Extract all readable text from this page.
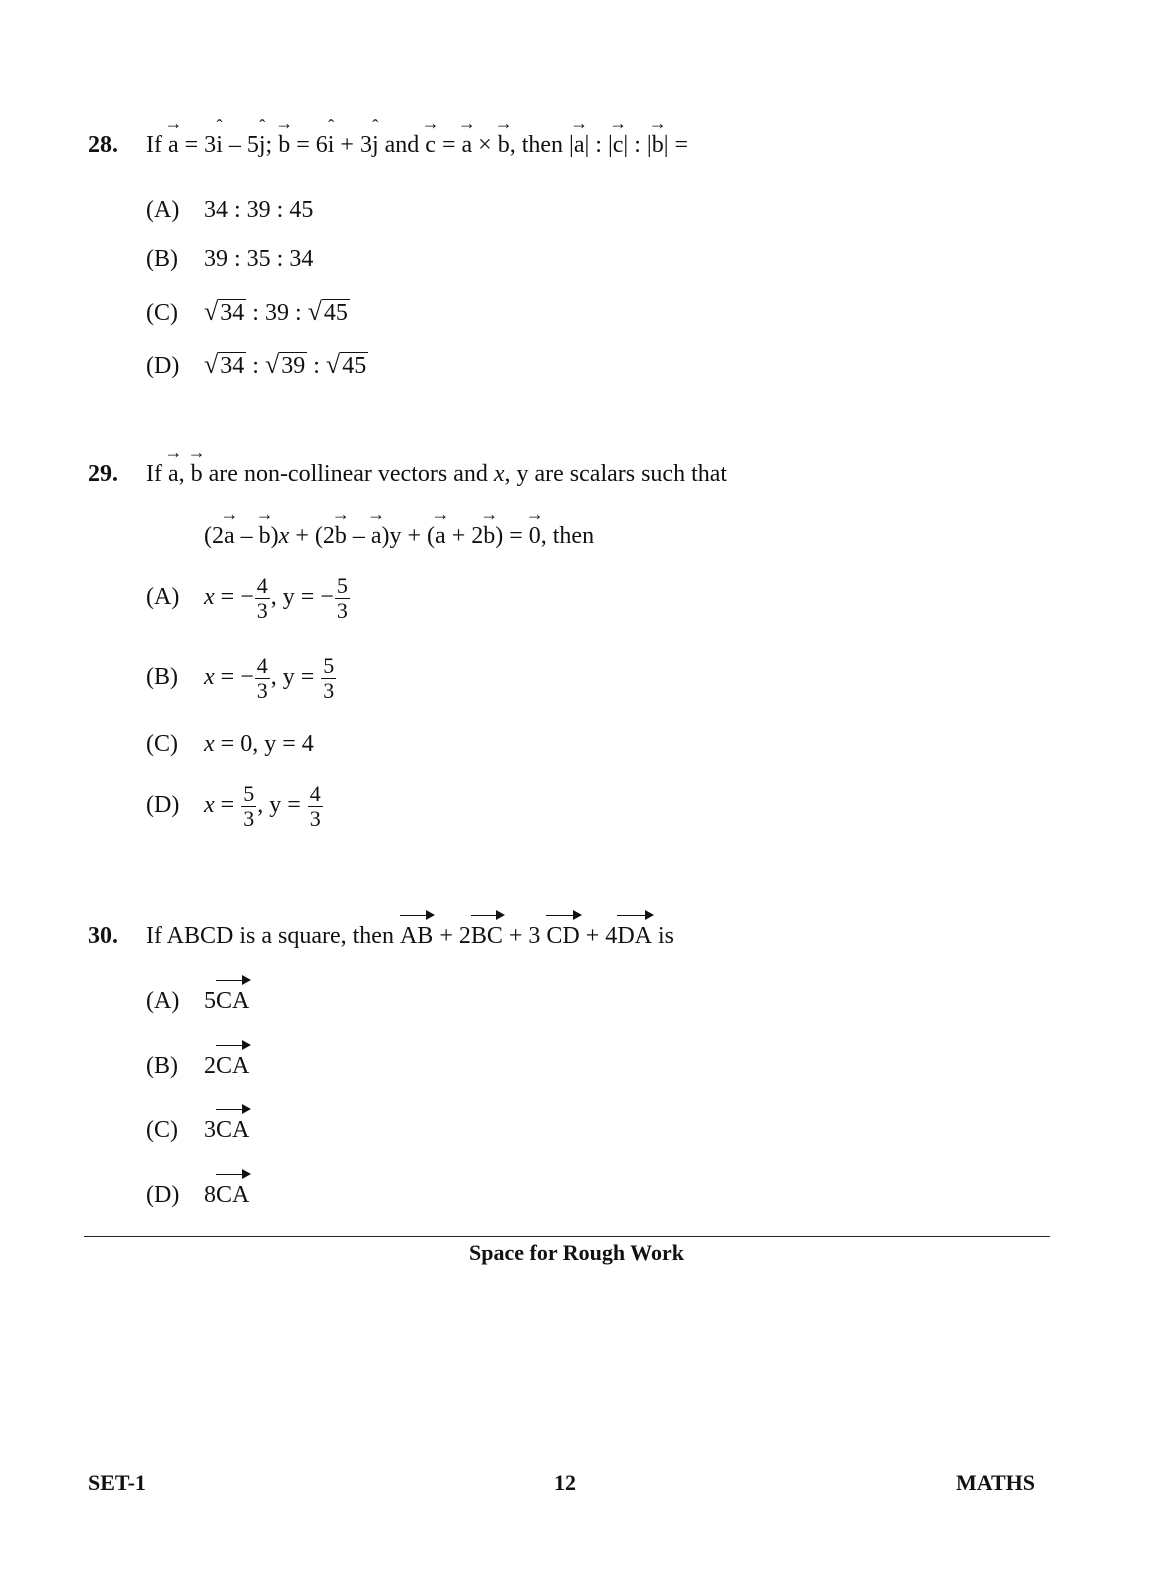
28.	If → a = 3ˆ i – 5ˆ j; → b = 6ˆ i + 3ˆ j and → c = → a × → b, then |→ a| : |→ c| : |→ b| =
(A) 34 : 39 : 45
(B) 39 : 35 : 34
(C) √34 : 39 : √45
(D) √34 : √39 : √45
29.	If → a, → b are non-collinear vectors and x, y are scalars such that
(2→ a – → b)x + (2→ b – → a)y + (→ a + 2→ b) = → 0, then
(A) x = − $\frac{4}{3}$ , y = − $\frac{5}{3}$
(B) x = − $\frac{4}{3}$ , $y = \frac{5}{3}$
(C) x = 0, y = 4
(D) $x = \frac{5}{3}$ , $y = \frac{4}{3}$
30.	If ABCD is a square, then AB + 2BC + 3 CD + 4DA is
(A) 5CA
(B) 2CA
(C) 3CA
(D) 8CA
Space for Rough Work
SET-1	12	MATHS
